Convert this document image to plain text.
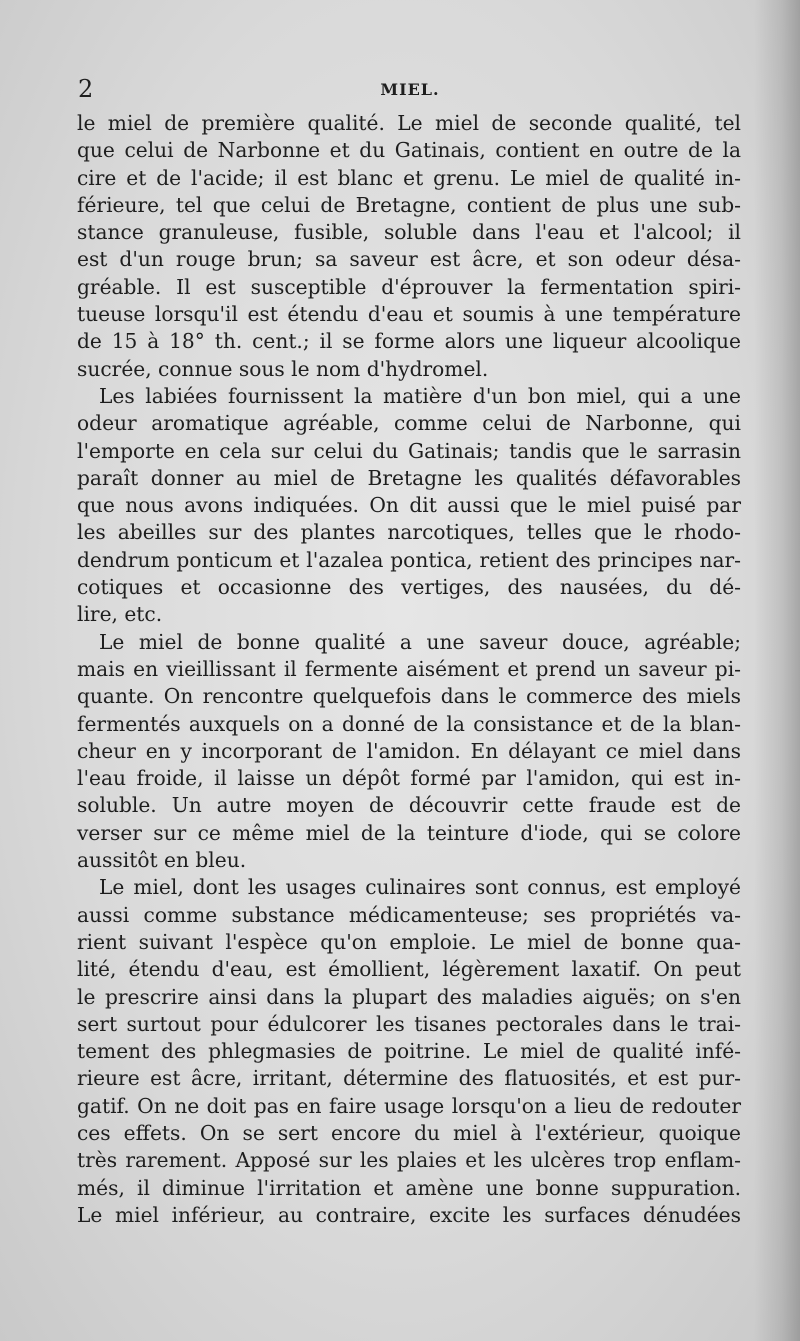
2	MIEL.
le miel de première qualité. Le miel de seconde qualité, tel
que celui de Narbonne et du Gatinais, contient en outre de la
cire et de l'acide; il est blanc et grenu. Le miel de qualité in-
férieure, tel que celui de Bretagne, contient de plus une sub-
stance granuleuse, fusible, soluble dans l'eau et l'alcool; il
est d'un rouge brun; sa saveur est âcre, et son odeur désa-
gréable. Il est susceptible d'éprouver la fermentation spiri-
tueuse lorsqu'il est étendu d'eau et soumis à une température
de 15 à 18° th. cent.; il se forme alors une liqueur alcoolique
sucrée, connue sous le nom d'hydromel.
Les labiées fournissent la matière d'un bon miel, qui a une
odeur aromatique agréable, comme celui de Narbonne, qui
l'emporte en cela sur celui du Gatinais; tandis que le sarrasin
paraît donner au miel de Bretagne les qualités défavorables
que nous avons indiquées. On dit aussi que le miel puisé par
les abeilles sur des plantes narcotiques, telles que le rhodo-
dendrum ponticum et l'azalea pontica, retient des principes nar-
cotiques et occasionne des vertiges, des nausées, du dé-
lire, etc.
Le miel de bonne qualité a une saveur douce, agréable;
mais en vieillissant il fermente aisément et prend un saveur pi-
quante. On rencontre quelquefois dans le commerce des miels
fermentés auxquels on a donné de la consistance et de la blan-
cheur en y incorporant de l'amidon. En délayant ce miel dans
l'eau froide, il laisse un dépôt formé par l'amidon, qui est in-
soluble. Un autre moyen de découvrir cette fraude est de
verser sur ce même miel de la teinture d'iode, qui se colore
aussitôt en bleu.
Le miel, dont les usages culinaires sont connus, est employé
aussi comme substance médicamenteuse; ses propriétés va-
rient suivant l'espèce qu'on emploie. Le miel de bonne qua-
lité, étendu d'eau, est émollient, légèrement laxatif. On peut
le prescrire ainsi dans la plupart des maladies aiguës; on s'en
sert surtout pour édulcorer les tisanes pectorales dans le trai-
tement des phlegmasies de poitrine. Le miel de qualité infé-
rieure est âcre, irritant, détermine des flatuosités, et est pur-
gatif. On ne doit pas en faire usage lorsqu'on a lieu de redouter
ces effets. On se sert encore du miel à l'extérieur, quoique
très rarement. Apposé sur les plaies et les ulcères trop enflam-
més, il diminue l'irritation et amène une bonne suppuration.
Le miel inférieur, au contraire, excite les surfaces dénudées
